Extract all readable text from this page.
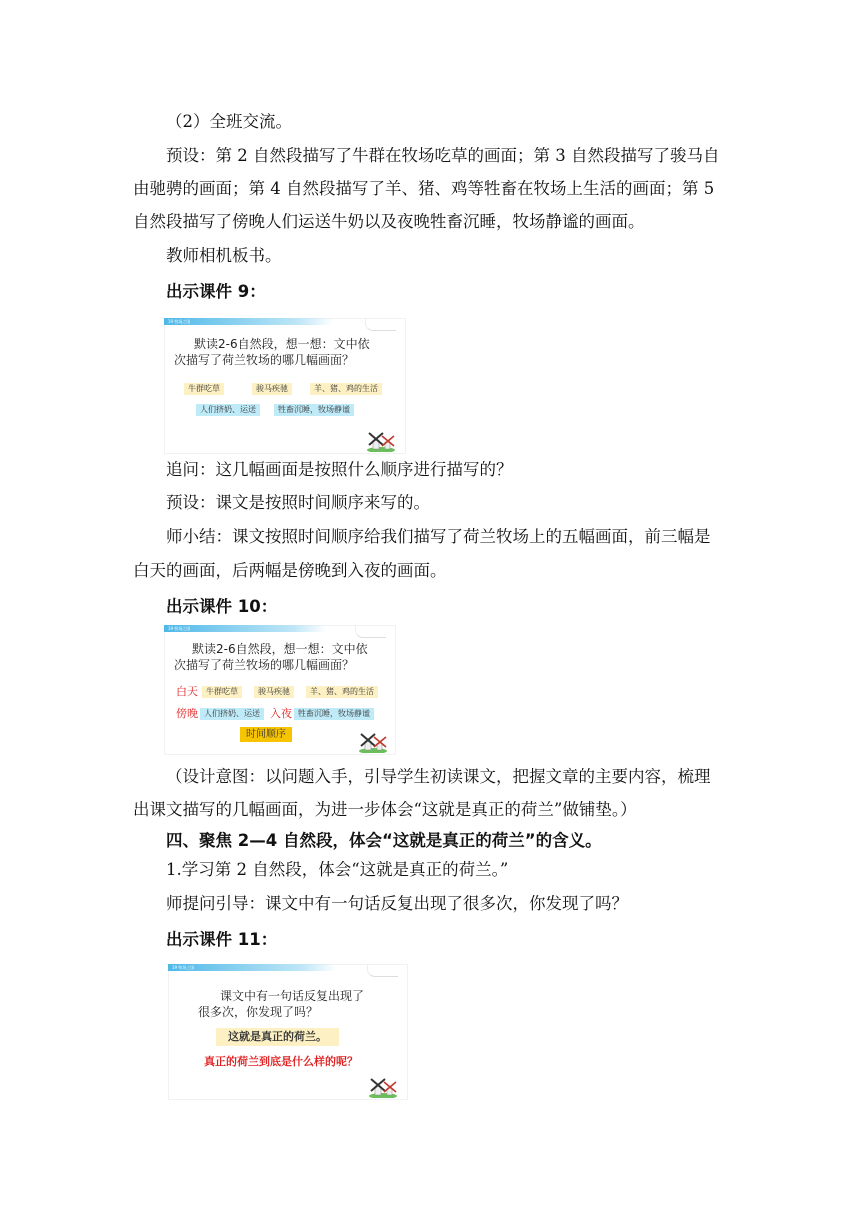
（2）全班交流。
预设：第 2 自然段描写了牛群在牧场吃草的画面；第 3 自然段描写了骏马自
由驰骋的画面；第 4 自然段描写了羊、猪、鸡等牲畜在牧场上生活的画面；第 5
自然段描写了傍晚人们运送牛奶以及夜晚牲畜沉睡，牧场静谧的画面。
教师相机板书。
出示课件 9：
19 牧场之国
默读2-6自然段，想一想：文中依
次描写了荷兰牧场的哪几幅画面？
牛群吃草	骏马疾驰	羊、猪、鸡的生活
人们挤奶、运送	牲畜沉睡，牧场静谧
追问：这几幅画面是按照什么顺序进行描写的？
预设：课文是按照时间顺序来写的。
师小结：课文按照时间顺序给我们描写了荷兰牧场上的五幅画面，前三幅是
白天的画面，后两幅是傍晚到入夜的画面。
出示课件 10：
19 牧场之国
默读2-6自然段，想一想：文中依
次描写了荷兰牧场的哪几幅画面？
白天	牛群吃草	骏马疾驰	羊、猪、鸡的生活
傍晚 人们挤奶、运送 入夜 牲畜沉睡，牧场静谧
时间顺序
（设计意图：以问题入手，引导学生初读课文，把握文章的主要内容，梳理
出课文描写的几幅画面，为进一步体会“这就是真正的荷兰”做铺垫。）
四、聚焦 2—4 自然段，体会“这就是真正的荷兰”的含义。
1.学习第 2 自然段，体会“这就是真正的荷兰。”
师提问引导：课文中有一句话反复出现了很多次，你发现了吗？
出示课件 11：
19 牧场之国
课文中有一句话反复出现了
很多次，你发现了吗？
这就是真正的荷兰。
真正的荷兰到底是什么样的呢？
